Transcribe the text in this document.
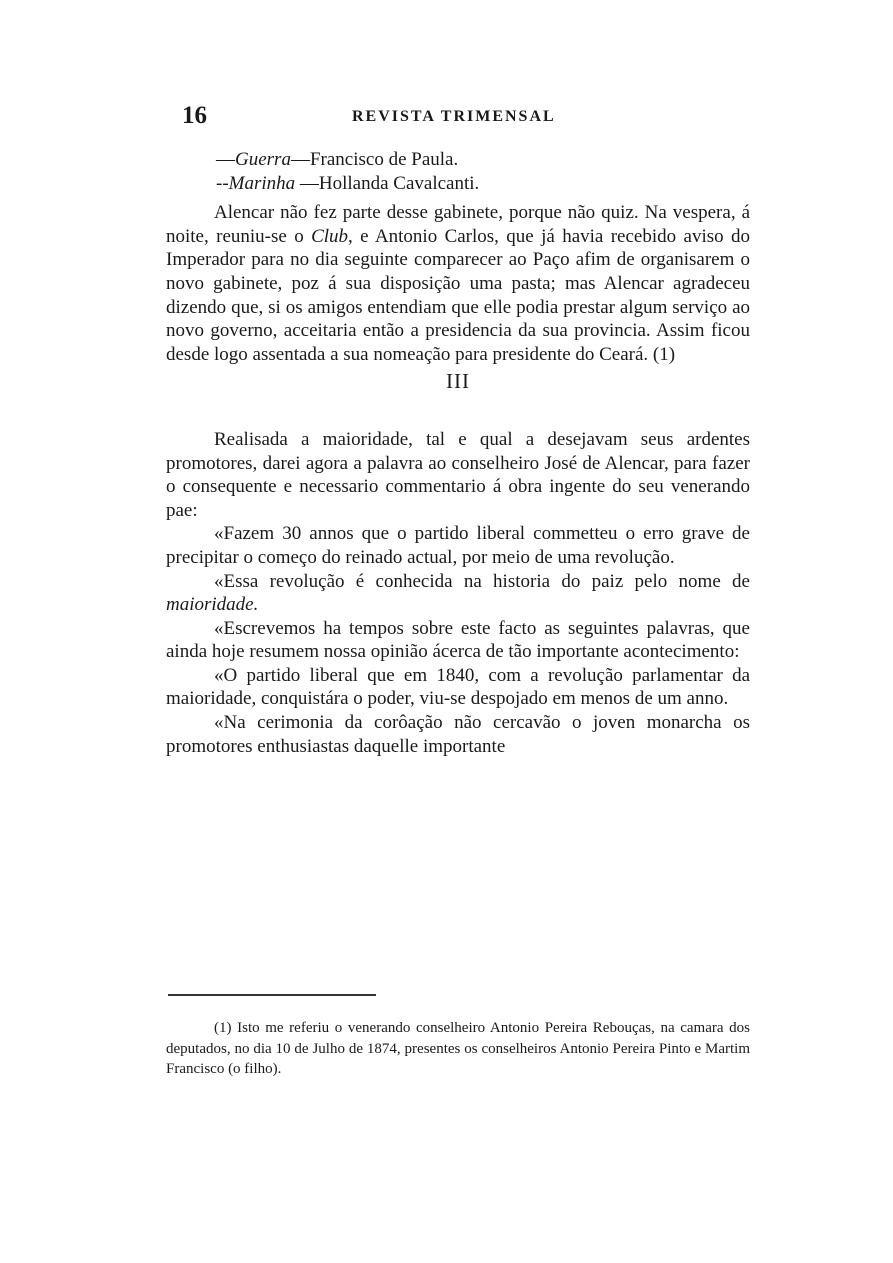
16	REVISTA TRIMENSAL

—Guerra—Francisco de Paula.

--Marinha —Hollanda Cavalcanti.

Alencar não fez parte desse gabinete, porque não quiz. Na vespera, á noite, reuniu-se o Club, e Antonio Carlos, que já havia recebido aviso do Imperador para no dia seguinte comparecer ao Paço afim de organisarem o novo gabinete, poz á sua disposição uma pasta; mas Alencar agradeceu dizendo que, si os amigos entendiam que elle podia prestar algum serviço ao novo governo, acceitaria então a presidencia da sua provincia. Assim ficou desde logo assentada a sua nomeação para presidente do Ceará. (1)

III

Realisada a maioridade, tal e qual a desejavam seus ardentes promotores, darei agora a palavra ao conselheiro José de Alencar, para fazer o consequente e necessario commentario á obra ingente do seu venerando pae:

«Fazem 30 annos que o partido liberal commetteu o erro grave de precipitar o começo do reinado actual, por meio de uma revolução.

«Essa revolução é conhecida na historia do paiz pelo nome de maioridade.

«Escrevemos ha tempos sobre este facto as seguintes palavras, que ainda hoje resumem nossa opinião ácerca de tão importante acontecimento:

«O partido liberal que em 1840, com a revolução parlamentar da maioridade, conquistára o poder, viu-se despojado em menos de um anno.

«Na cerimonia da corôação não cercavão o joven monarcha os promotores enthusiastas daquelle importante

(1) Isto me referiu o venerando conselheiro Antonio Pereira Rebouças, na camara dos deputados, no dia 10 de Julho de 1874, presentes os conselheiros Antonio Pereira Pinto e Martim Francisco (o filho).
